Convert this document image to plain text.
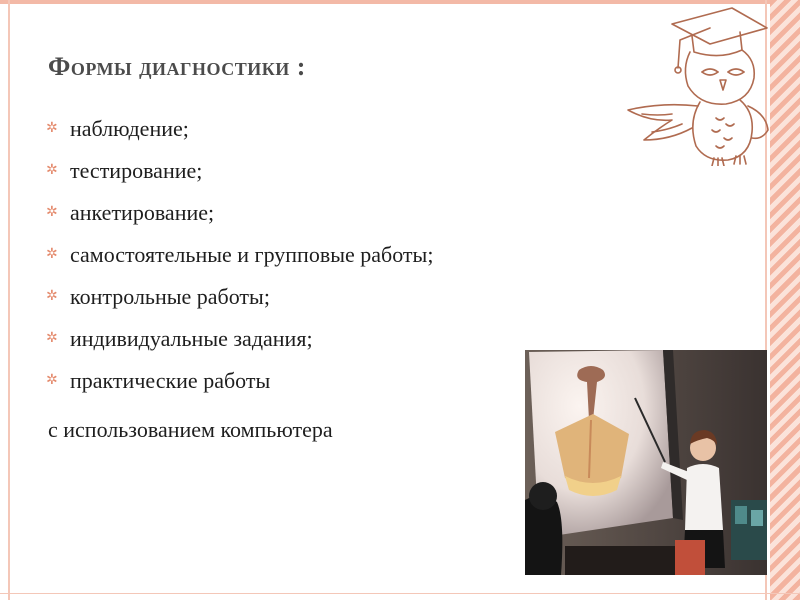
Формы диагностики :
✲ наблюдение;
✲ тестирование;
✲ анкетирование;
✲ самостоятельные и групповые работы;
✲ контрольные работы;
✲ индивидуальные задания;
✲ практические работы

с использованием компьютера
